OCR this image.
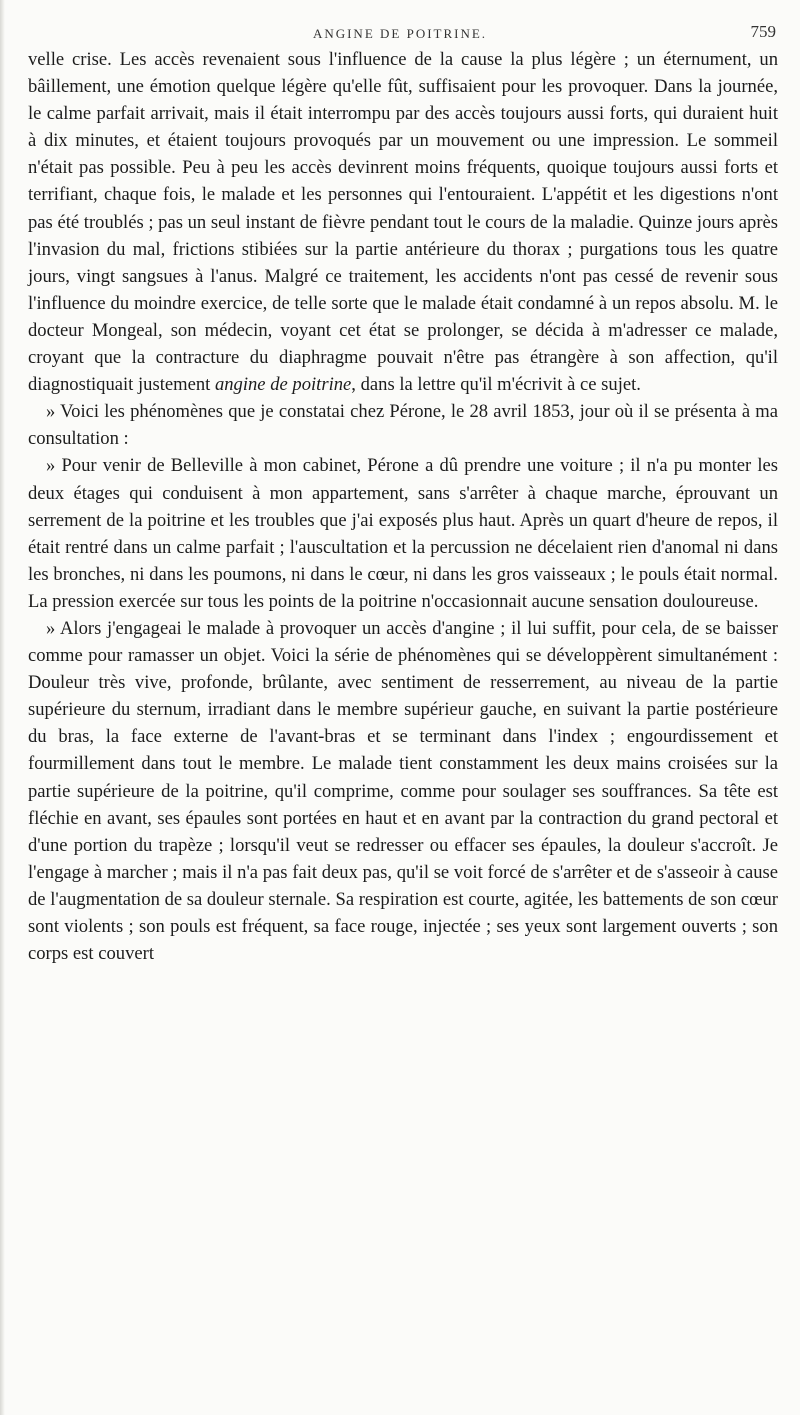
ANGINE DE POITRINE.	759

velle crise. Les accès revenaient sous l'influence de la cause la plus légère ; un éternument, un bâillement, une émotion quelque légère qu'elle fût, suffisaient pour les provoquer. Dans la journée, le calme parfait arrivait, mais il était interrompu par des accès toujours aussi forts, qui duraient huit à dix minutes, et étaient toujours provoqués par un mouvement ou une impression. Le sommeil n'était pas possible. Peu à peu les accès devinrent moins fréquents, quoique toujours aussi forts et terrifiant, chaque fois, le malade et les personnes qui l'entouraient. L'appétit et les digestions n'ont pas été troublés ; pas un seul instant de fièvre pendant tout le cours de la maladie. Quinze jours après l'invasion du mal, frictions stibiées sur la partie antérieure du thorax ; purgations tous les quatre jours, vingt sangsues à l'anus. Malgré ce traitement, les accidents n'ont pas cessé de revenir sous l'influence du moindre exercice, de telle sorte que le malade était condamné à un repos absolu. M. le docteur Mongeal, son médecin, voyant cet état se prolonger, se décida à m'adresser ce malade, croyant que la contracture du diaphragme pouvait n'être pas étrangère à son affection, qu'il diagnostiquait justement angine de poitrine, dans la lettre qu'il m'écrivit à ce sujet.

» Voici les phénomènes que je constatai chez Pérone, le 28 avril 1853, jour où il se présenta à ma consultation :

» Pour venir de Belleville à mon cabinet, Pérone a dû prendre une voiture ; il n'a pu monter les deux étages qui conduisent à mon appartement, sans s'arrêter à chaque marche, éprouvant un serrement de la poitrine et les troubles que j'ai exposés plus haut. Après un quart d'heure de repos, il était rentré dans un calme parfait ; l'auscultation et la percussion ne décelaient rien d'anomal ni dans les bronches, ni dans les poumons, ni dans le cœur, ni dans les gros vaisseaux ; le pouls était normal. La pression exercée sur tous les points de la poitrine n'occasionnait aucune sensation douloureuse.

» Alors j'engageai le malade à provoquer un accès d'angine ; il lui suffit, pour cela, de se baisser comme pour ramasser un objet. Voici la série de phénomènes qui se développèrent simultanément : Douleur très vive, profonde, brûlante, avec sentiment de resserrement, au niveau de la partie supérieure du sternum, irradiant dans le membre supérieur gauche, en suivant la partie postérieure du bras, la face externe de l'avant-bras et se terminant dans l'index ; engourdissement et fourmillement dans tout le membre. Le malade tient constamment les deux mains croisées sur la partie supérieure de la poitrine, qu'il comprime, comme pour soulager ses souffrances. Sa tête est fléchie en avant, ses épaules sont portées en haut et en avant par la contraction du grand pectoral et d'une portion du trapèze ; lorsqu'il veut se redresser ou effacer ses épaules, la douleur s'accroît. Je l'engage à marcher ; mais il n'a pas fait deux pas, qu'il se voit forcé de s'arrêter et de s'asseoir à cause de l'augmentation de sa douleur sternale. Sa respiration est courte, agitée, les battements de son cœur sont violents ; son pouls est fréquent, sa face rouge, injectée ; ses yeux sont largement ouverts ; son corps est couvert
